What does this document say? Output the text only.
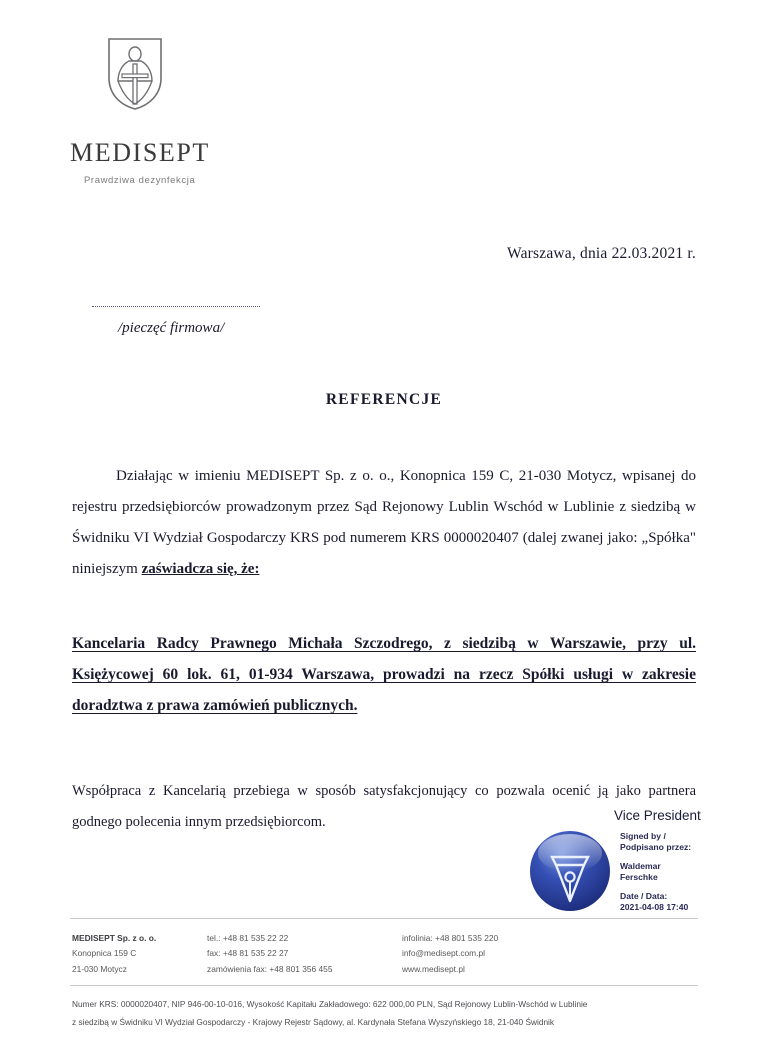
MEDISEPT
Prawdziwa dezynfekcja
Warszawa, dnia 22.03.2021 r.
/pieczęć firmowa/
REFERENCJE

Działając w imieniu MEDISEPT Sp. z o. o., Konopnica 159 C, 21-030 Motycz, wpisanej do rejestru przedsiębiorców prowadzonym przez Sąd Rejonowy Lublin Wschód w Lublinie z siedzibą w Świdniku VI Wydział Gospodarczy KRS pod numerem KRS 0000020407 (dalej zwanej jako: „Spółka" niniejszym zaświadcza się, że:

Kancelaria Radcy Prawnego Michała Szczodrego, z siedzibą w Warszawie, przy ul. Księżycowej 60 lok. 61, 01-934 Warszawa, prowadzi na rzecz Spółki usługi w zakresie doradztwa z prawa zamówień publicznych.

Współpraca z Kancelarią przebiega w sposób satysfakcjonujący co pozwala ocenić ją jako partnera godnego polecenia innym przedsiębiorcom.	Vice President
Signed by /
Podpisano przez:
Waldemar
Ferschke
Date / Data:
2021-04-08 17:40
MEDISEPT Sp. z o. o.
Konopnica 159 C
21-030 Motycz
tel.: +48 81 535 22 22
fax: +48 81 535 22 27
zamówienia fax: +48 801 356 455
infolinia: +48 801 535 220
info@medisept.com.pl
www.medisept.pl
Numer KRS: 0000020407, NIP 946-00-10-016, Wysokość Kapitału Zakładowego: 622 000,00 PLN, Sąd Rejonowy Lublin-Wschód w Lublinie
z siedzibą w Świdniku VI Wydział Gospodarczy - Krajowy Rejestr Sądowy, al. Kardynała Stefana Wyszyńskiego 18, 21-040 Świdnik
